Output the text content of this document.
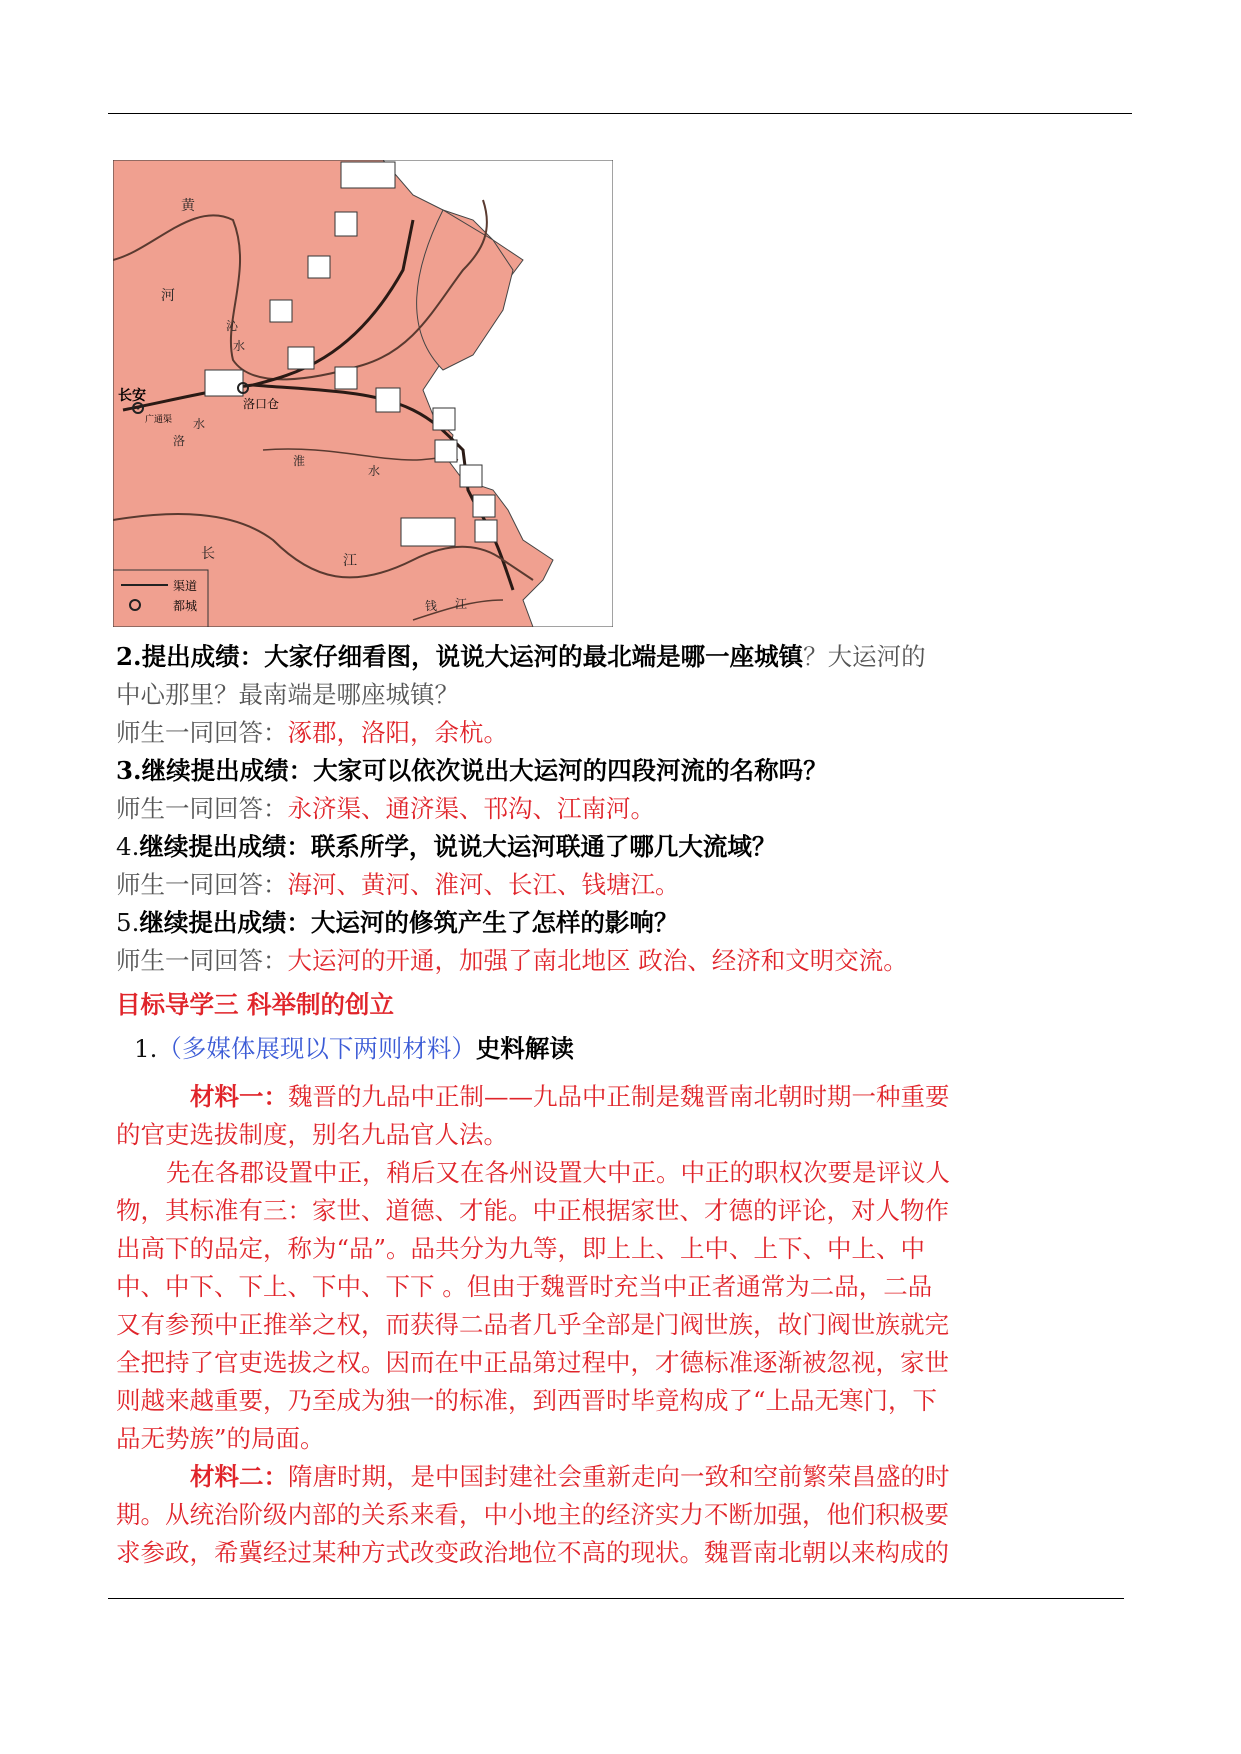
长安	洛口仓
广通渠
黄
河
沁
水
洛
水
淮
水
长	江
钱 江
渠道
都城
2.提出成绩：大家仔细看图，说说大运河的最北端是哪一座城镇？大运河的
中心那里？最南端是哪座城镇？
师生一同回答：涿郡，洛阳，余杭。
3.继续提出成绩：大家可以依次说出大运河的四段河流的名称吗？
师生一同回答：永济渠、通济渠、邗沟、江南河。
4.继续提出成绩：联系所学，说说大运河联通了哪几大流域？
师生一同回答：海河、黄河、淮河、长江、钱塘江。
5.继续提出成绩：大运河的修筑产生了怎样的影响？
师生一同回答：大运河的开通，加强了南北地区 政治、经济和文明交流。
目标导学三 科举制的创立
1.（多媒体展现以下两则材料）史料解读
材料一：魏晋的九品中正制——九品中正制是魏晋南北朝时期一种重要
的官吏选拔制度，别名九品官人法。
先在各郡设置中正，稍后又在各州设置大中正。中正的职权次要是评议人
物，其标准有三：家世、道德、才能。中正根据家世、才德的评论，对人物作
出高下的品定，称为“品”。品共分为九等，即上上、上中、上下、中上、中
中、中下、下上、下中、下下 。但由于魏晋时充当中正者通常为二品，二品
又有参预中正推举之权，而获得二品者几乎全部是门阀世族，故门阀世族就完
全把持了官吏选拔之权。因而在中正品第过程中，才德标准逐渐被忽视，家世
则越来越重要，乃至成为独一的标准，到西晋时毕竟构成了“上品无寒门，下
品无势族”的局面。
材料二：隋唐时期，是中国封建社会重新走向一致和空前繁荣昌盛的时
期。从统治阶级内部的关系来看，中小地主的经济实力不断加强，他们积极要
求参政，希冀经过某种方式改变政治地位不高的现状。魏晋南北朝以来构成的
